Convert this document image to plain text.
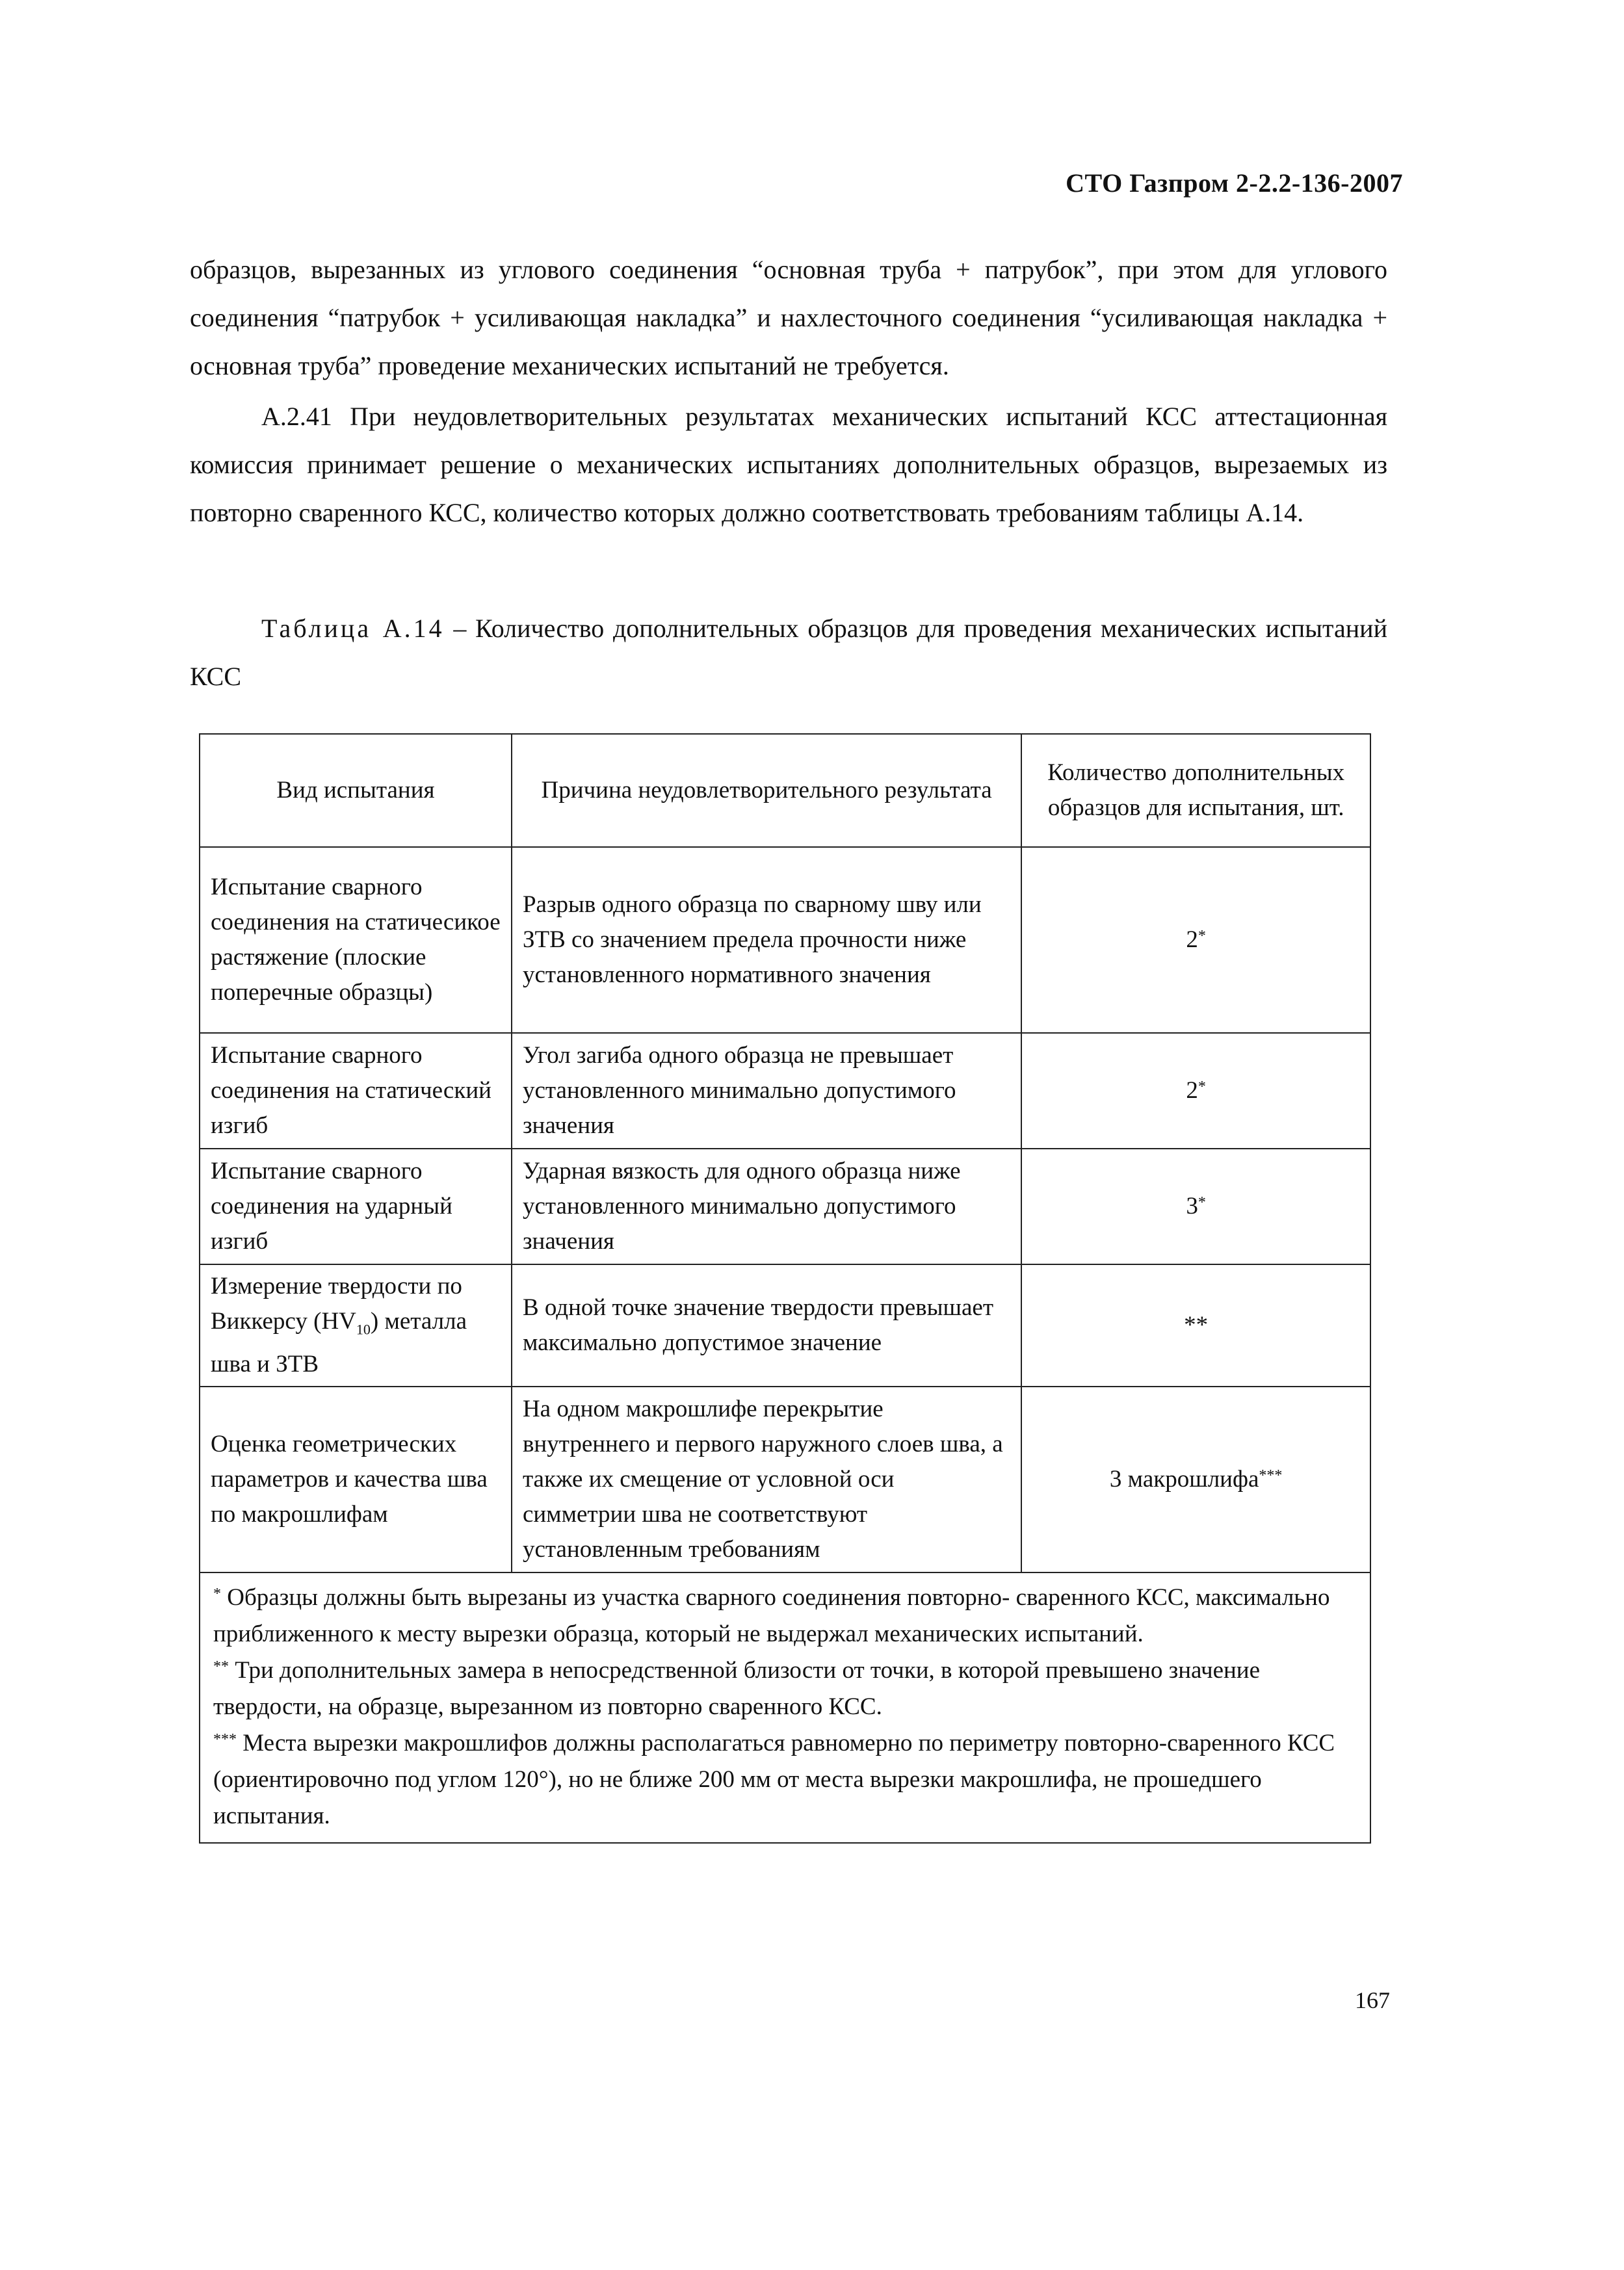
СТО Газпром 2-2.2-136-2007
образцов, вырезанных из углового соединения “основная труба + патрубок”, при этом для углового соединения “патрубок + усиливающая накладка” и нахлесточного соединения “усиливающая накладка + основная труба” проведение механических испытаний не требуется.
А.2.41 При неудовлетворительных результатах механических испытаний КСС аттестационная комиссия принимает решение о механических испытаниях дополнительных образцов, вырезаемых из повторно сваренного КСС, количество которых должно соответствовать требованиям таблицы А.14.
Таблица А.14 – Количество дополнительных образцов для проведения механических испытаний КСС
Вид испытания	Причина неудовлетворительного результата	Количество дополнительных образцов для испытания, шт.
Испытание сварного соединения на статичесикое растяжение (плоские поперечные образцы)	Разрыв одного образца по сварному шву или ЗТВ со значением предела прочности ниже установленного нормативного значения	2*
Испытание сварного соединения на статический изгиб	Угол загиба одного образца не превышает установленного минимально допустимого значения	2*
Испытание сварного соединения на ударный изгиб	Ударная вязкость для одного образца ниже установленного минимально допустимого значения	3*
Измерение твердости по Виккерсу $(HV_{10})$ металла шва и ЗТВ	В одной точке значение твердости превышает максимально допустимое значение	**
Оценка геометрических параметров и качества шва по макрошлифам	На одном макрошлифе перекрытие внутреннего и первого наружного слоев шва, а также их смещение от условной оси симметрии шва не соответствуют установленным требованиям	3 макрошлифа***

* Образцы должны быть вырезаны из участка сварного соединения повторно- сваренного КСС, максимально приближенного к месту вырезки образца, который не выдержал механических испытаний.
** Три дополнительных замера в непосредственной близости от точки, в которой превышено значение твердости, на образце, вырезанном из повторно сваренного КСС.
*** Места вырезки макрошлифов должны располагаться равномерно по периметру повторно-сваренного КСС (ориентировочно под углом 120°), но не ближе 200 мм от места вырезки макрошлифа, не прошедшего испытания.		
167
